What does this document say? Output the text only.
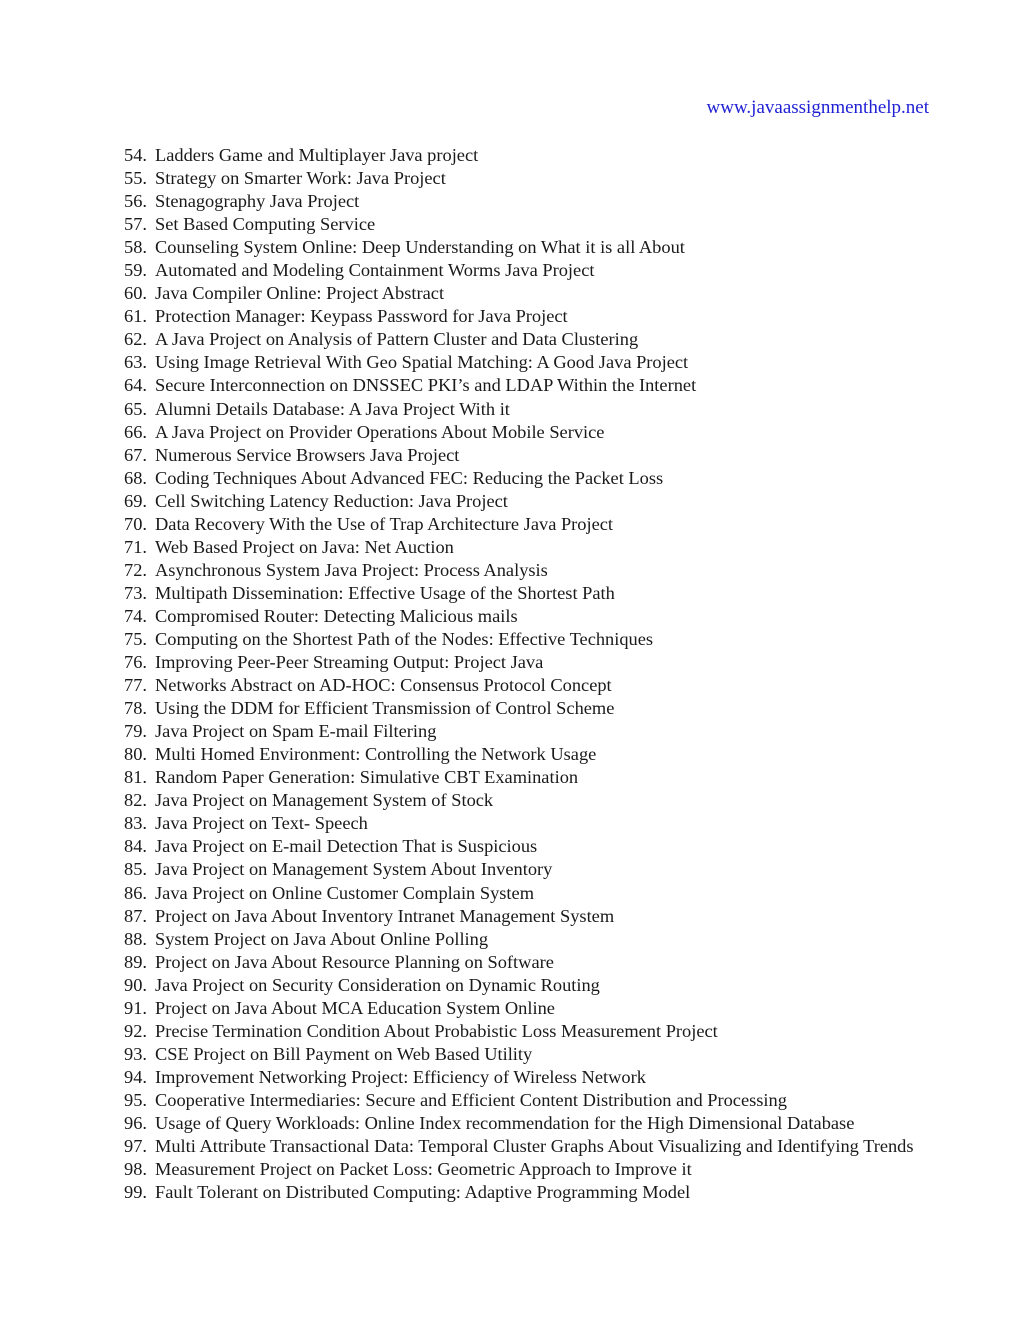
www.javaassignmenthelp.net
54. Ladders Game and Multiplayer Java project
55. Strategy on Smarter Work: Java Project
56. Stenagography Java Project
57. Set Based Computing Service
58. Counseling System Online: Deep Understanding on What it is all About
59. Automated and Modeling Containment Worms Java Project
60. Java Compiler Online: Project Abstract
61. Protection Manager: Keypass Password for Java Project
62. A Java Project on Analysis of Pattern Cluster and Data Clustering
63. Using Image Retrieval With Geo Spatial Matching: A Good Java Project
64. Secure Interconnection on DNSSEC PKI’s and LDAP Within the Internet
65. Alumni Details Database: A Java Project With it
66. A Java Project on Provider Operations About Mobile Service
67. Numerous Service Browsers Java Project
68. Coding Techniques About Advanced FEC: Reducing the Packet Loss
69. Cell Switching Latency Reduction: Java Project
70. Data Recovery With the Use of Trap Architecture Java Project
71. Web Based Project on Java: Net Auction
72. Asynchronous System Java Project: Process Analysis
73. Multipath Dissemination: Effective Usage of the Shortest Path
74. Compromised Router: Detecting Malicious mails
75. Computing on the Shortest Path of the Nodes: Effective Techniques
76. Improving Peer-Peer Streaming Output: Project Java
77. Networks Abstract on AD-HOC: Consensus Protocol Concept
78. Using the DDM for Efficient Transmission of Control Scheme
79. Java Project on Spam E-mail Filtering
80. Multi Homed Environment: Controlling the Network Usage
81. Random Paper Generation: Simulative CBT Examination
82. Java Project on Management System of Stock
83. Java Project on Text- Speech
84. Java Project on E-mail Detection That is Suspicious
85. Java Project on Management System About Inventory
86. Java Project on Online Customer Complain System
87. Project on Java About Inventory Intranet Management System
88. System Project on Java About Online Polling
89. Project on Java About Resource Planning on Software
90. Java Project on Security Consideration on Dynamic Routing
91. Project on Java About MCA Education System Online
92. Precise Termination Condition About Probabistic Loss Measurement Project
93. CSE Project on Bill Payment on Web Based Utility
94. Improvement Networking Project: Efficiency of Wireless Network
95. Cooperative Intermediaries: Secure and Efficient Content Distribution and Processing
96. Usage of Query Workloads: Online Index recommendation for the High Dimensional Database
97. Multi Attribute Transactional Data: Temporal Cluster Graphs About Visualizing and Identifying Trends
98. Measurement Project on Packet Loss: Geometric Approach to Improve it
99. Fault Tolerant on Distributed Computing: Adaptive Programming Model
